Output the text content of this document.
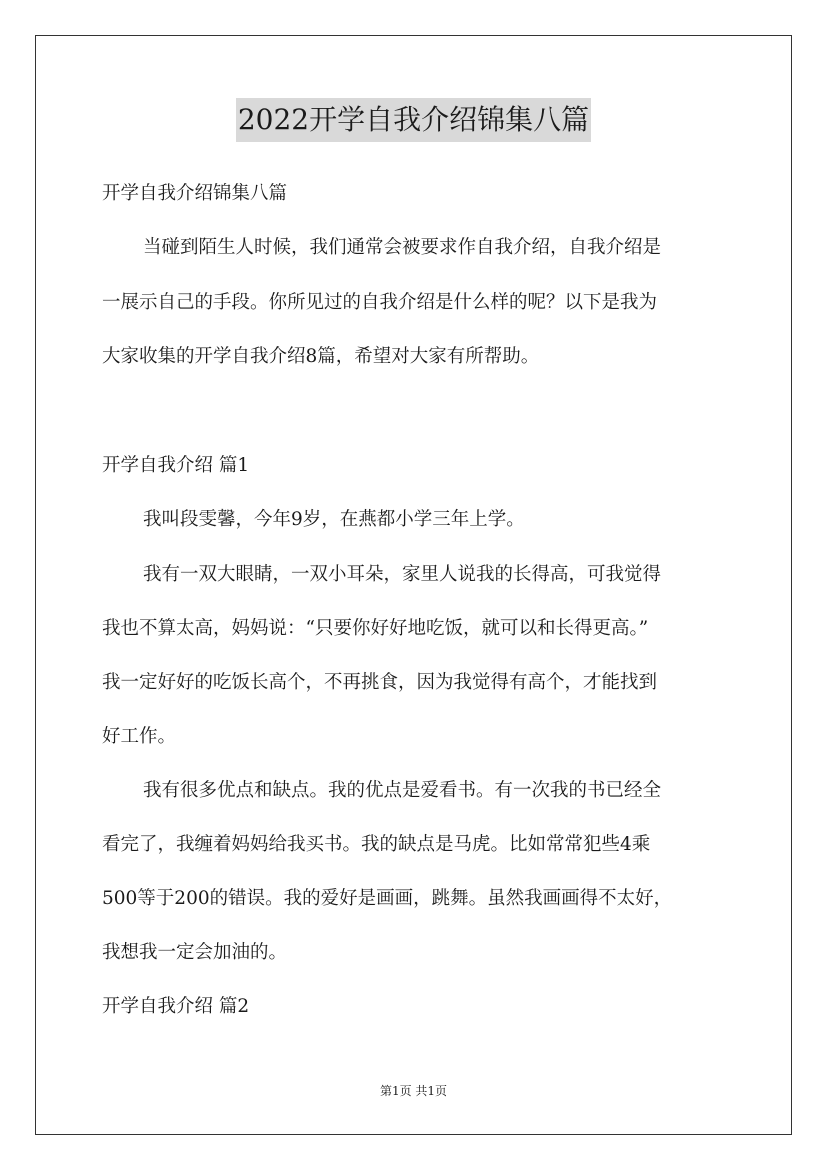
2022开学自我介绍锦集八篇
开学自我介绍锦集八篇
当碰到陌生人时候，我们通常会被要求作自我介绍，自我介绍是
一展示自己的手段。你所见过的自我介绍是什么样的呢？以下是我为
大家收集的开学自我介绍8篇，希望对大家有所帮助。
开学自我介绍 篇1
我叫段雯馨，今年9岁，在燕都小学三年上学。
我有一双大眼睛，一双小耳朵，家里人说我的长得高，可我觉得
我也不算太高，妈妈说：“只要你好好地吃饭，就可以和长得更高。”
我一定好好的吃饭长高个，不再挑食，因为我觉得有高个，才能找到
好工作。
我有很多优点和缺点。我的优点是爱看书。有一次我的书已经全
看完了，我缠着妈妈给我买书。我的缺点是马虎。比如常常犯些4乘
500等于200的错误。我的爱好是画画，跳舞。虽然我画画得不太好，
我想我一定会加油的。
开学自我介绍 篇2
第1页 共1页
